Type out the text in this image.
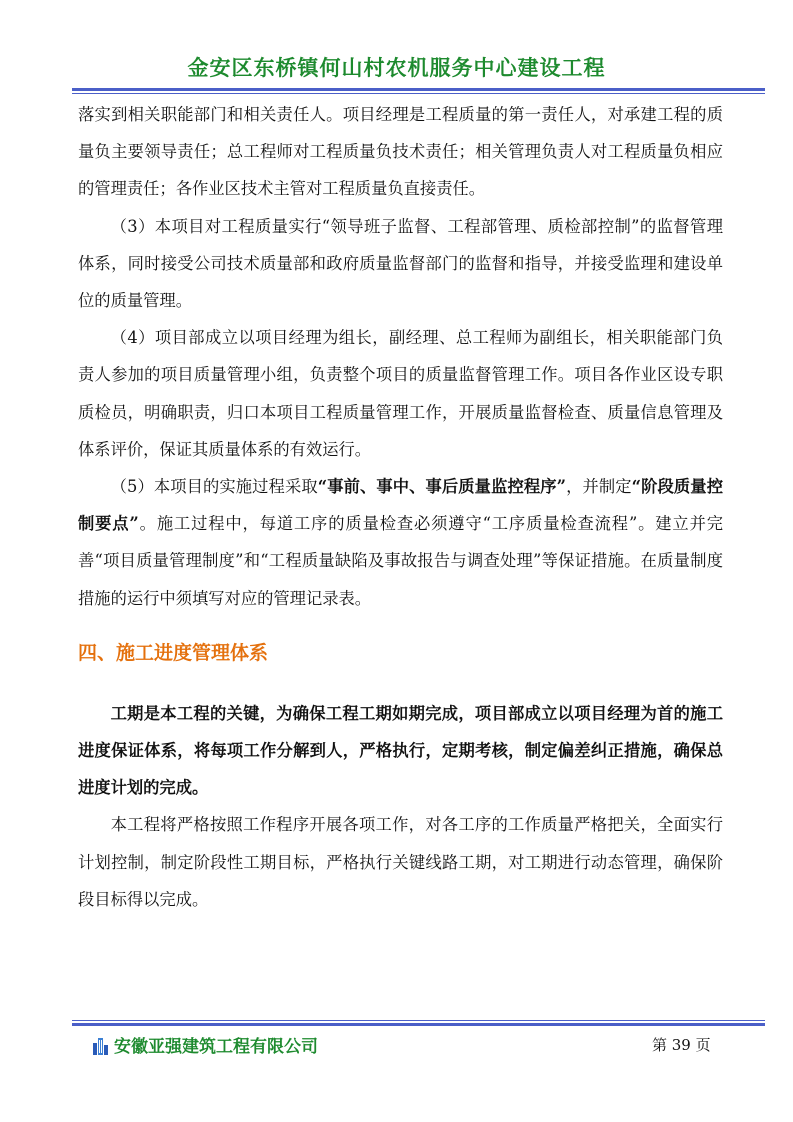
金安区东桥镇何山村农机服务中心建设工程

落实到相关职能部门和相关责任人。项目经理是工程质量的第一责任人，对承建工程的质量负主要领导责任；总工程师对工程质量负技术责任；相关管理负责人对工程质量负相应的管理责任；各作业区技术主管对工程质量负直接责任。

（3）本项目对工程质量实行“领导班子监督、工程部管理、质检部控制”的监督管理体系，同时接受公司技术质量部和政府质量监督部门的监督和指导，并接受监理和建设单位的质量管理。

（4）项目部成立以项目经理为组长，副经理、总工程师为副组长，相关职能部门负责人参加的项目质量管理小组，负责整个项目的质量监督管理工作。项目各作业区设专职质检员，明确职责，归口本项目工程质量管理工作，开展质量监督检查、质量信息管理及体系评价，保证其质量体系的有效运行。

（5）本项目的实施过程采取“事前、事中、事后质量监控程序”，并制定“阶段质量控制要点”。施工过程中，每道工序的质量检查必须遵守“工序质量检查流程”。建立并完善“项目质量管理制度”和“工程质量缺陷及事故报告与调查处理”等保证措施。在质量制度措施的运行中须填写对应的管理记录表。

四、施工进度管理体系

工期是本工程的关键，为确保工程工期如期完成，项目部成立以项目经理为首的施工进度保证体系，将每项工作分解到人，严格执行，定期考核，制定偏差纠正措施，确保总进度计划的完成。

本工程将严格按照工作程序开展各项工作，对各工序的工作质量严格把关，全面实行计划控制，制定阶段性工期目标，严格执行关键线路工期，对工期进行动态管理，确保阶段目标得以完成。

安徽亚强建筑工程有限公司	第 39 页
